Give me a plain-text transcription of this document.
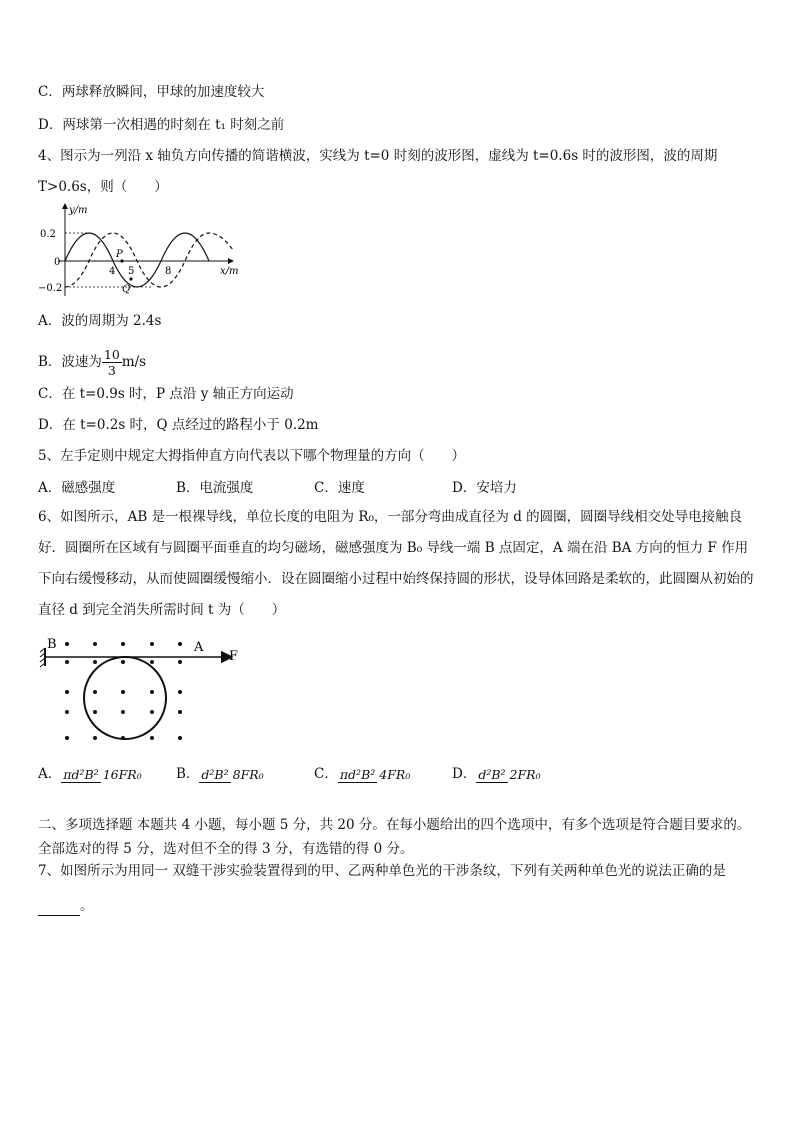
C．两球释放瞬间，甲球的加速度较大
D．两球第一次相遇的时刻在 t₁ 时刻之前
4、图示为一列沿 x 轴负方向传播的简谐横波，实线为 t=0 时刻的波形图，虚线为 t=0.6s 时的波形图，波的周期
T>0.6s，则（　　）
y/m
x/m
0.2
0
−0.2
4 5	8
P
Q
A．波的周期为 2.4s
B．波速为 $\frac{10}{3} m/s$
C．在 t=0.9s 时，P 点沿 y 轴正方向运动
D．在 t=0.2s 时，Q 点经过的路程小于 0.2m
5、左手定则中规定大拇指伸直方向代表以下哪个物理量的方向（　　）
A．磁感强度	B．电流强度	C．速度	D．安培力
6、如图所示，AB 是一根裸导线，单位长度的电阻为 R₀，一部分弯曲成直径为 d 的圆圈，圆圈导线相交处导电接触良好．圆圈所在区域有与圆圈平面垂直的均匀磁场，磁感强度为 B₀ 导线一端 B 点固定，A 端在沿 BA 方向的恒力 F 作用下向右缓慢移动，从而使圆圈缓慢缩小．设在圆圈缩小过程中始终保持圆的形状，设导体回路是柔软的，此圆圈从初始的直径 d 到完全消失所需时间 t 为（　　）
B	A
F
A． πd²B² 16FR₀	B． d²B² 8FR₀	C． πd²B² 4FR₀	D． d²B² 2FR₀
二、多项选择题 本题共 4 小题，每小题 5 分，共 20 分。在每小题给出的四个选项中，有多个选项是符合题目要求的。全部选对的得 5 分，选对但不全的得 3 分，有选错的得 0 分。
7、如图所示为用同一 双缝干涉实验装置得到的甲、乙两种单色光的干涉条纹，下列有关两种单色光的说法正确的是
。
